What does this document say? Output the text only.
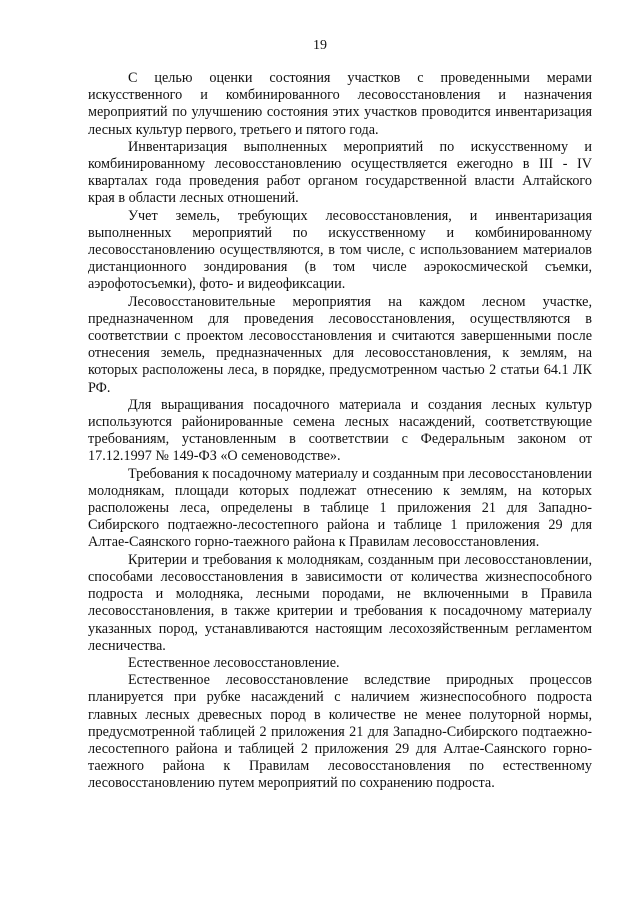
19

С целью оценки состояния участков с проведенными мерами искусственного и комбинированного лесовосстановления и назначения мероприятий по улучшению состояния этих участков проводится инвентаризация лесных культур первого, третьего и пятого года.

Инвентаризация выполненных мероприятий по искусственному и комбинированному лесовосстановлению осуществляется ежегодно в III - IV кварталах года проведения работ органом государственной власти Алтайского края в области лесных отношений.

Учет земель, требующих лесовосстановления, и инвентаризация выполненных мероприятий по искусственному и комбинированному лесовосстановлению осуществляются, в том числе, с использованием материалов дистанционного зондирования (в том числе аэрокосмической съемки, аэрофотосъемки), фото- и видеофиксации.

Лесовосстановительные мероприятия на каждом лесном участке, предназначенном для проведения лесовосстановления, осуществляются в соответствии с проектом лесовосстановления и считаются завершенными после отнесения земель, предназначенных для лесовосстановления, к землям, на которых расположены леса, в порядке, предусмотренном частью 2 статьи 64.1 ЛК РФ.

Для выращивания посадочного материала и создания лесных культур используются районированные семена лесных насаждений, соответствующие требованиям, установленным в соответствии с Федеральным законом от 17.12.1997 № 149-ФЗ «О семеноводстве».

Требования к посадочному материалу и созданным при лесовосстановлении молоднякам, площади которых подлежат отнесению к землям, на которых расположены леса, определены в таблице 1 приложения 21 для Западно-Сибирского подтаежно-лесостепного района и таблице 1 приложения 29 для Алтае-Саянского горно-таежного района к Правилам лесовосстановления.

Критерии и требования к молоднякам, созданным при лесовосстановлении, способами лесовосстановления в зависимости от количества жизнеспособного подроста и молодняка, лесными породами, не включенными в Правила лесовосстановления, в также критерии и требования к посадочному материалу указанных пород, устанавливаются настоящим лесохозяйственным регламентом лесничества.

Естественное лесовосстановление.

Естественное лесовосстановление вследствие природных процессов планируется при рубке насаждений с наличием жизнеспособного подроста главных лесных древесных пород в количестве не менее полуторной нормы, предусмотренной таблицей 2 приложения 21 для Западно-Сибирского подтаежно-лесостепного района и таблицей 2 приложения 29 для Алтае-Саянского горно-таежного района к Правилам лесовосстановления по естественному лесовосстановлению путем мероприятий по сохранению подроста.
